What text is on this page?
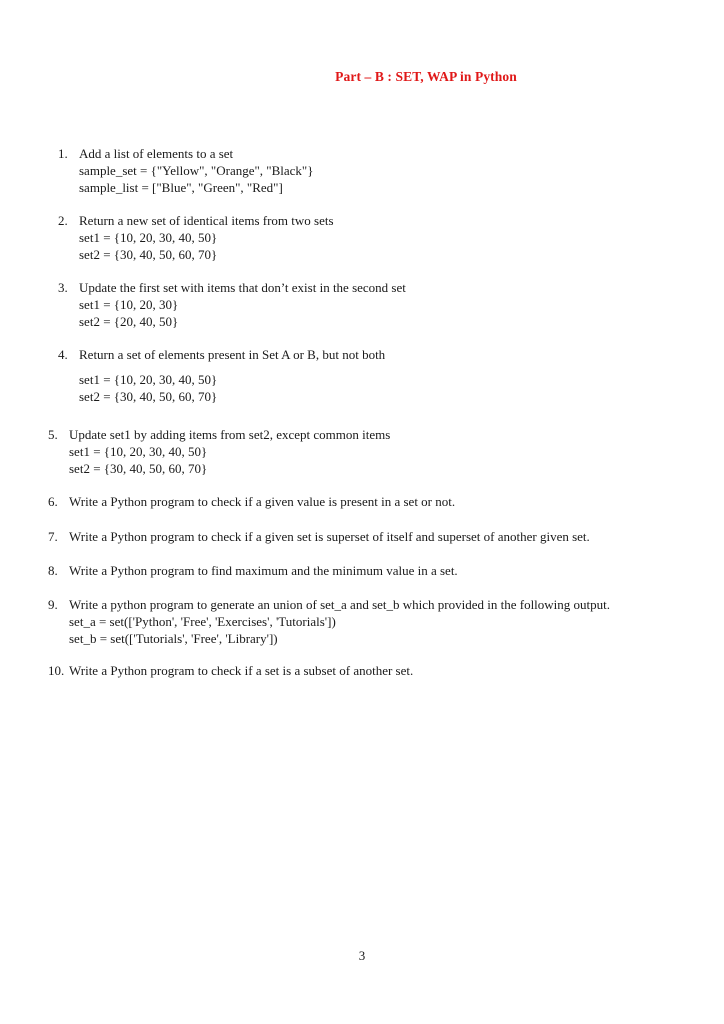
Part – B : SET, WAP in Python
1. Add a list of elements to a set
sample_set = {"Yellow", "Orange", "Black"}
sample_list = ["Blue", "Green", "Red"]
2. Return a new set of identical items from two sets
set1 = {10, 20, 30, 40, 50}
set2 = {30, 40, 50, 60, 70}
3. Update the first set with items that don’t exist in the second set
set1 = {10, 20, 30}
set2 = {20, 40, 50}
4. Return a set of elements present in Set A or B, but not both
set1 = {10, 20, 30, 40, 50}
set2 = {30, 40, 50, 60, 70}
5. Update set1 by adding items from set2, except common items
set1 = {10, 20, 30, 40, 50}
set2 = {30, 40, 50, 60, 70}
6. Write a Python program to check if a given value is present in a set or not.
7. Write a Python program to check if a given set is superset of itself and superset of another given set.
8. Write a Python program to find maximum and the minimum value in a set.
9. Write a python program to generate an union of set_a and set_b which provided in the following output.
set_a = set(['Python', 'Free', 'Exercises', 'Tutorials'])
set_b = set(['Tutorials', 'Free', 'Library'])
10. Write a Python program to check if a set is a subset of another set.
3
